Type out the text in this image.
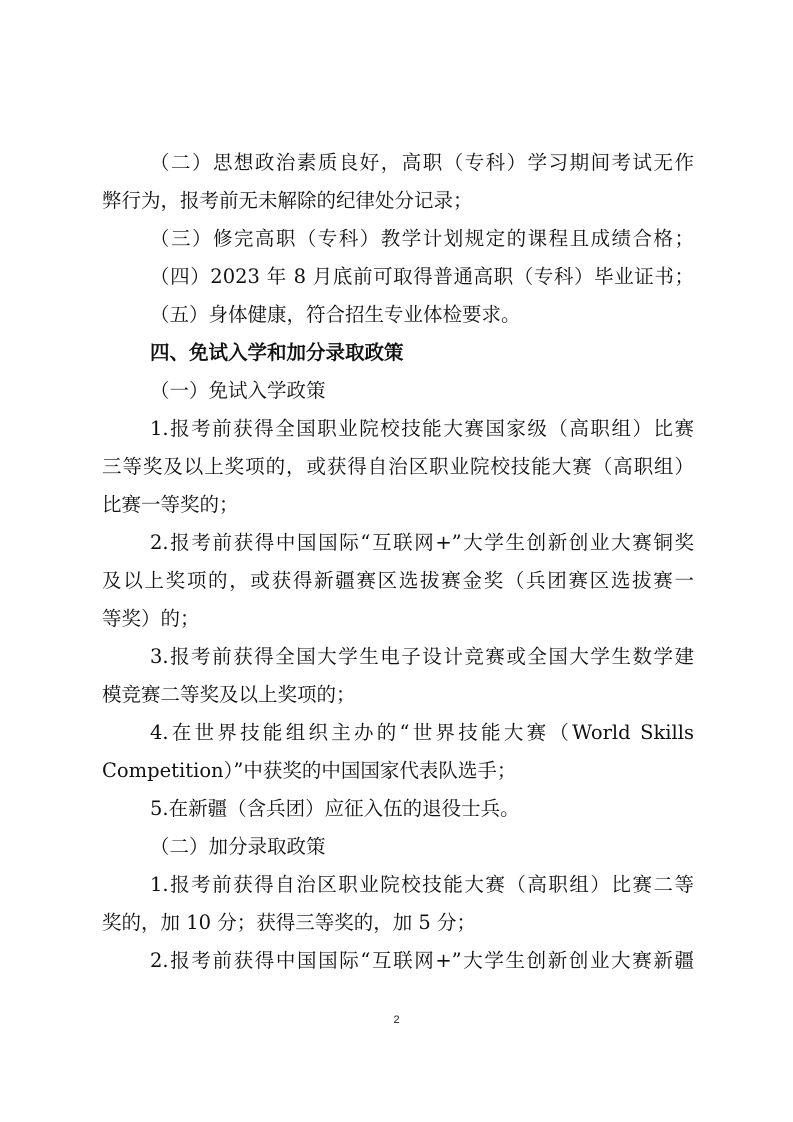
（二）思想政治素质良好，高职（专科）学习期间考试无作
弊行为，报考前无未解除的纪律处分记录；
（三）修完高职（专科）教学计划规定的课程且成绩合格；
（四）2023 年 8 月底前可取得普通高职（专科）毕业证书；
（五）身体健康，符合招生专业体检要求。
四、免试入学和加分录取政策
（一）免试入学政策
1.报考前获得全国职业院校技能大赛国家级（高职组）比赛
三等奖及以上奖项的，或获得自治区职业院校技能大赛（高职组）
比赛一等奖的；
2.报考前获得中国国际“互联网+”大学生创新创业大赛铜奖
及以上奖项的，或获得新疆赛区选拔赛金奖（兵团赛区选拔赛一
等奖）的；
3.报考前获得全国大学生电子设计竞赛或全国大学生数学建
模竞赛二等奖及以上奖项的；
4.在世界技能组织主办的“世界技能大赛（World Skills
Competition）”中获奖的中国国家代表队选手；
5.在新疆（含兵团）应征入伍的退役士兵。
（二）加分录取政策
1.报考前获得自治区职业院校技能大赛（高职组）比赛二等
奖的，加 10 分；获得三等奖的，加 5 分；
2.报考前获得中国国际“互联网+”大学生创新创业大赛新疆
2
